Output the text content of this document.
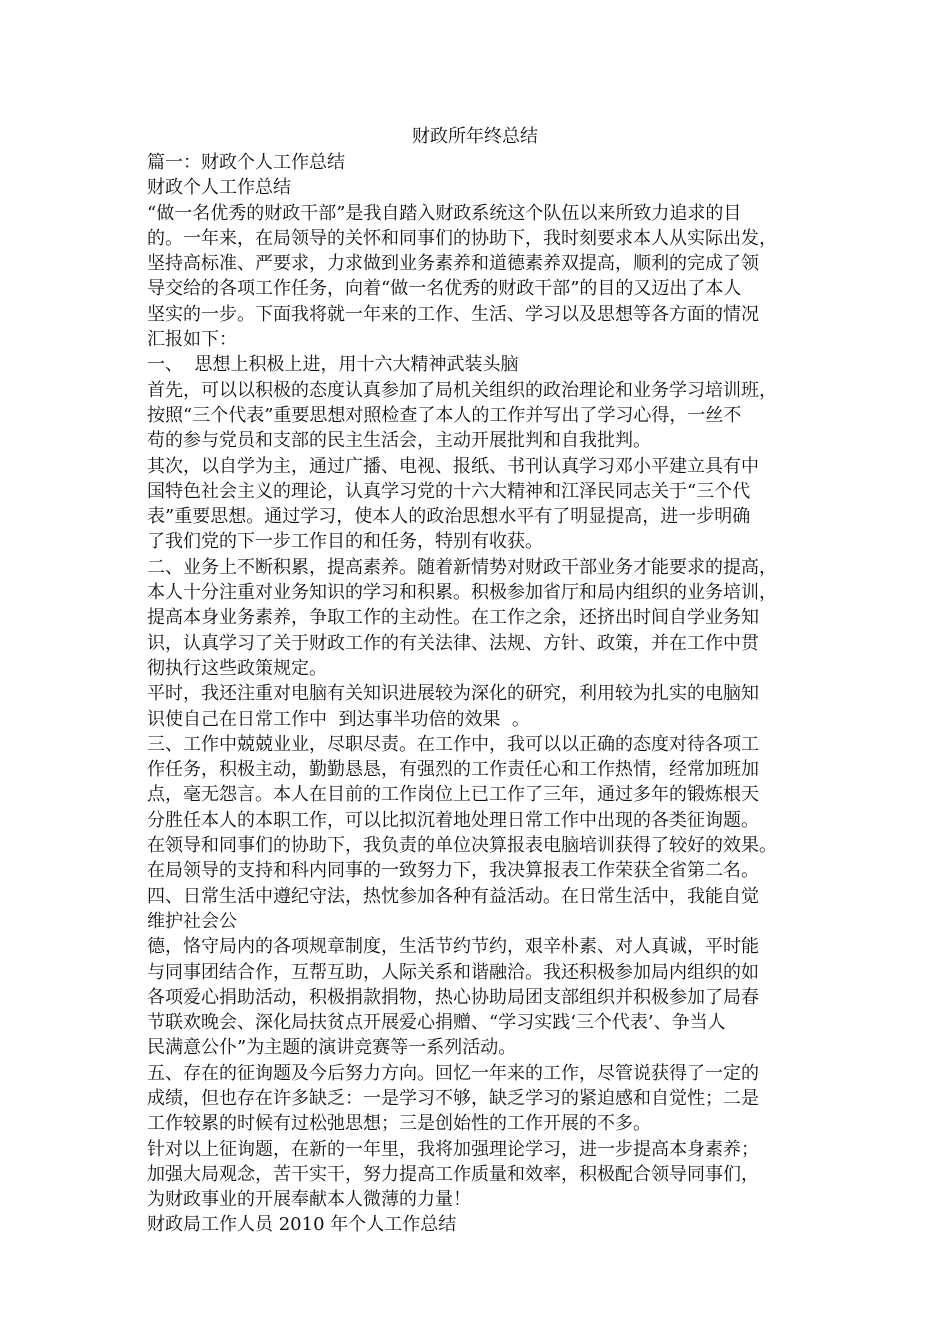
财政所年终总结
篇一：财政个人工作总结
财政个人工作总结
“做一名优秀的财政干部”是我自踏入财政系统这个队伍以来所致力追求的目
的。一年来，在局领导的关怀和同事们的协助下，我时刻要求本人从实际出发，
坚持高标准、严要求，力求做到业务素养和道德素养双提高，顺利的完成了领
导交给的各项工作任务，向着“做一名优秀的财政干部”的目的又迈出了本人
坚实的一步。下面我将就一年来的工作、生活、学习以及思想等各方面的情况
汇报如下：
一、  思想上积极上进，用十六大精神武装头脑
首先，可以以积极的态度认真参加了局机关组织的政治理论和业务学习培训班，
按照“三个代表”重要思想对照检查了本人的工作并写出了学习心得，一丝不
苟的参与党员和支部的民主生活会，主动开展批判和自我批判。
其次，以自学为主，通过广播、电视、报纸、书刊认真学习邓小平建立具有中
国特色社会主义的理论，认真学习党的十六大精神和江泽民同志关于“三个代
表”重要思想。通过学习，使本人的政治思想水平有了明显提高，进一步明确
了我们党的下一步工作目的和任务，特别有收获。
二、业务上不断积累，提高素养。随着新情势对财政干部业务才能要求的提高，
本人十分注重对业务知识的学习和积累。积极参加省厅和局内组织的业务培训，
提高本身业务素养，争取工作的主动性。在工作之余，还挤出时间自学业务知
识，认真学习了关于财政工作的有关法律、法规、方针、政策，并在工作中贯
彻执行这些政策规定。
平时，我还注重对电脑有关知识进展较为深化的研究，利用较为扎实的电脑知
识使自己在日常工作中  到达事半功倍的效果  。
三、工作中兢兢业业，尽职尽责。在工作中，我可以以正确的态度对待各项工
作任务，积极主动，勤勤恳恳，有强烈的工作责任心和工作热情，经常加班加
点，毫无怨言。本人在目前的工作岗位上已工作了三年，通过多年的锻炼根天
分胜任本人的本职工作，可以比拟沉着地处理日常工作中出现的各类征询题。
在领导和同事们的协助下，我负责的单位决算报表电脑培训获得了较好的效果。
在局领导的支持和科内同事的一致努力下，我决算报表工作荣获全省第二名。
四、日常生活中遵纪守法，热忱参加各种有益活动。在日常生活中，我能自觉
维护社会公
德，恪守局内的各项规章制度，生活节约节约，艰辛朴素、对人真诚，平时能
与同事团结合作，互帮互助，人际关系和谐融洽。我还积极参加局内组织的如
各项爱心捐助活动，积极捐款捐物，热心协助局团支部组织并积极参加了局春
节联欢晚会、深化局扶贫点开展爱心捐赠、“学习实践‘三个代表’、争当人
民满意公仆”为主题的演讲竞赛等一系列活动。
五、存在的征询题及今后努力方向。回忆一年来的工作，尽管说获得了一定的
成绩，但也存在许多缺乏：一是学习不够，缺乏学习的紧迫感和自觉性；二是
工作较累的时候有过松弛思想；三是创始性的工作开展的不多。
针对以上征询题，在新的一年里，我将加强理论学习，进一步提高本身素养；
加强大局观念，苦干实干，努力提高工作质量和效率，积极配合领导同事们，
为财政事业的开展奉献本人微薄的力量！
财政局工作人员 2010 年个人工作总结
